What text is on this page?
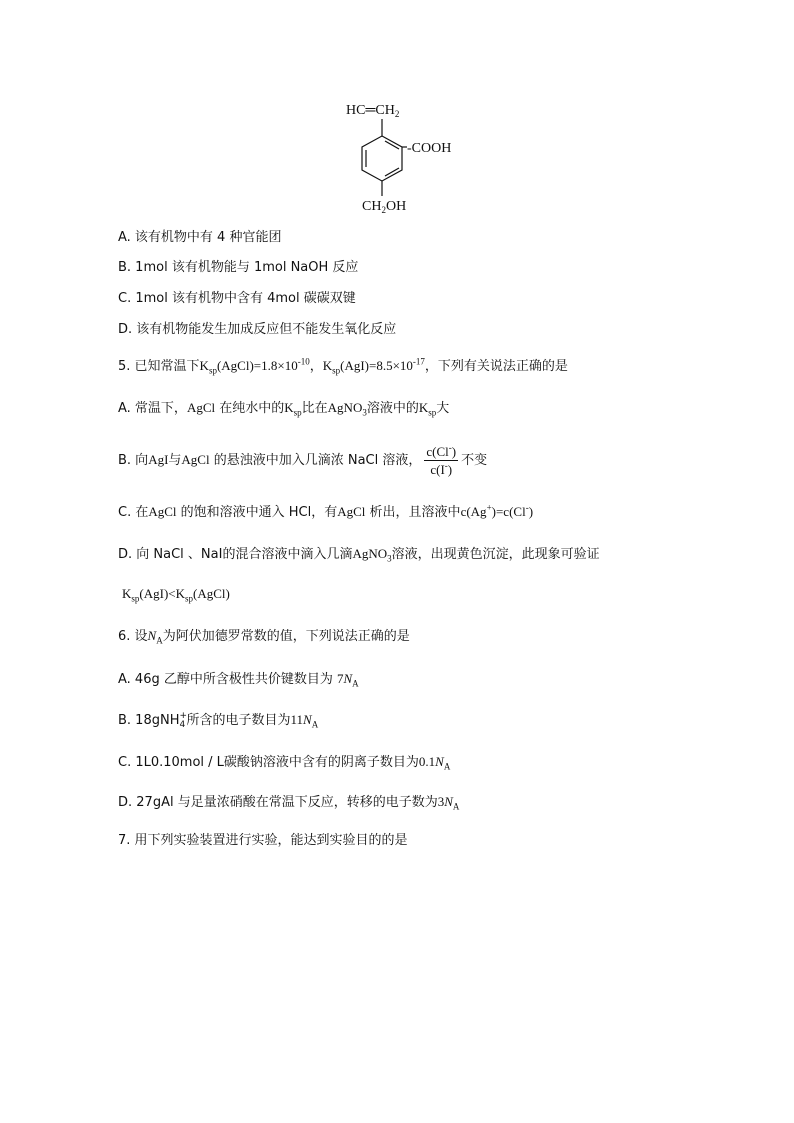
$HC═CH_2$
-COOH
$CH_2OH$
A. 该有机物中有 4 种官能团
B. 1mol 该有机物能与 1mol NaOH 反应
C. 1mol 该有机物中含有 4mol 碳碳双键
D. 该有机物能发生加成反应但不能发生氧化反应
5. 已知常温下$K_{sp}(AgCl)=1.8\times 10^{-10}$，$K_{sp}(AgI)=8.5\times 10^{-17}$，下列有关说法正确的是
A. 常温下，AgCl 在纯水中的$K_{sp}$比在AgNO$_3$溶液中的$K_{sp}$大
B. 向AgI与AgCl 的悬浊液中加入几滴浓 NaCl 溶液， $\frac{c(Cl^-)}{c(I^-)}$ 不变
C. 在AgCl 的饱和溶液中通入 HCl，有AgCl 析出，且溶液中c(Ag+)=c(Cl-)
D. 向 NaCl 、NaI的混合溶液中滴入几滴AgNO$_3$溶液，出现黄色沉淀，此现象可验证
$K_{sp}(AgI)<K_{sp}(AgCl)$
6. 设$N_A$为阿伏加德罗常数的值，下列说法正确的是
A. 46g 乙醇中所含极性共价键数目为 $7N_A$
B. 18gNH +
4 所含的电子数目为$11N_A$
C. 1L0.10mol / L碳酸钠溶液中含有的阴离子数目为$0.1N_A$
D. 27gAl 与足量浓硝酸在常温下反应，转移的电子数为$3N_A$
7. 用下列实验装置进行实验，能达到实验目的的是
